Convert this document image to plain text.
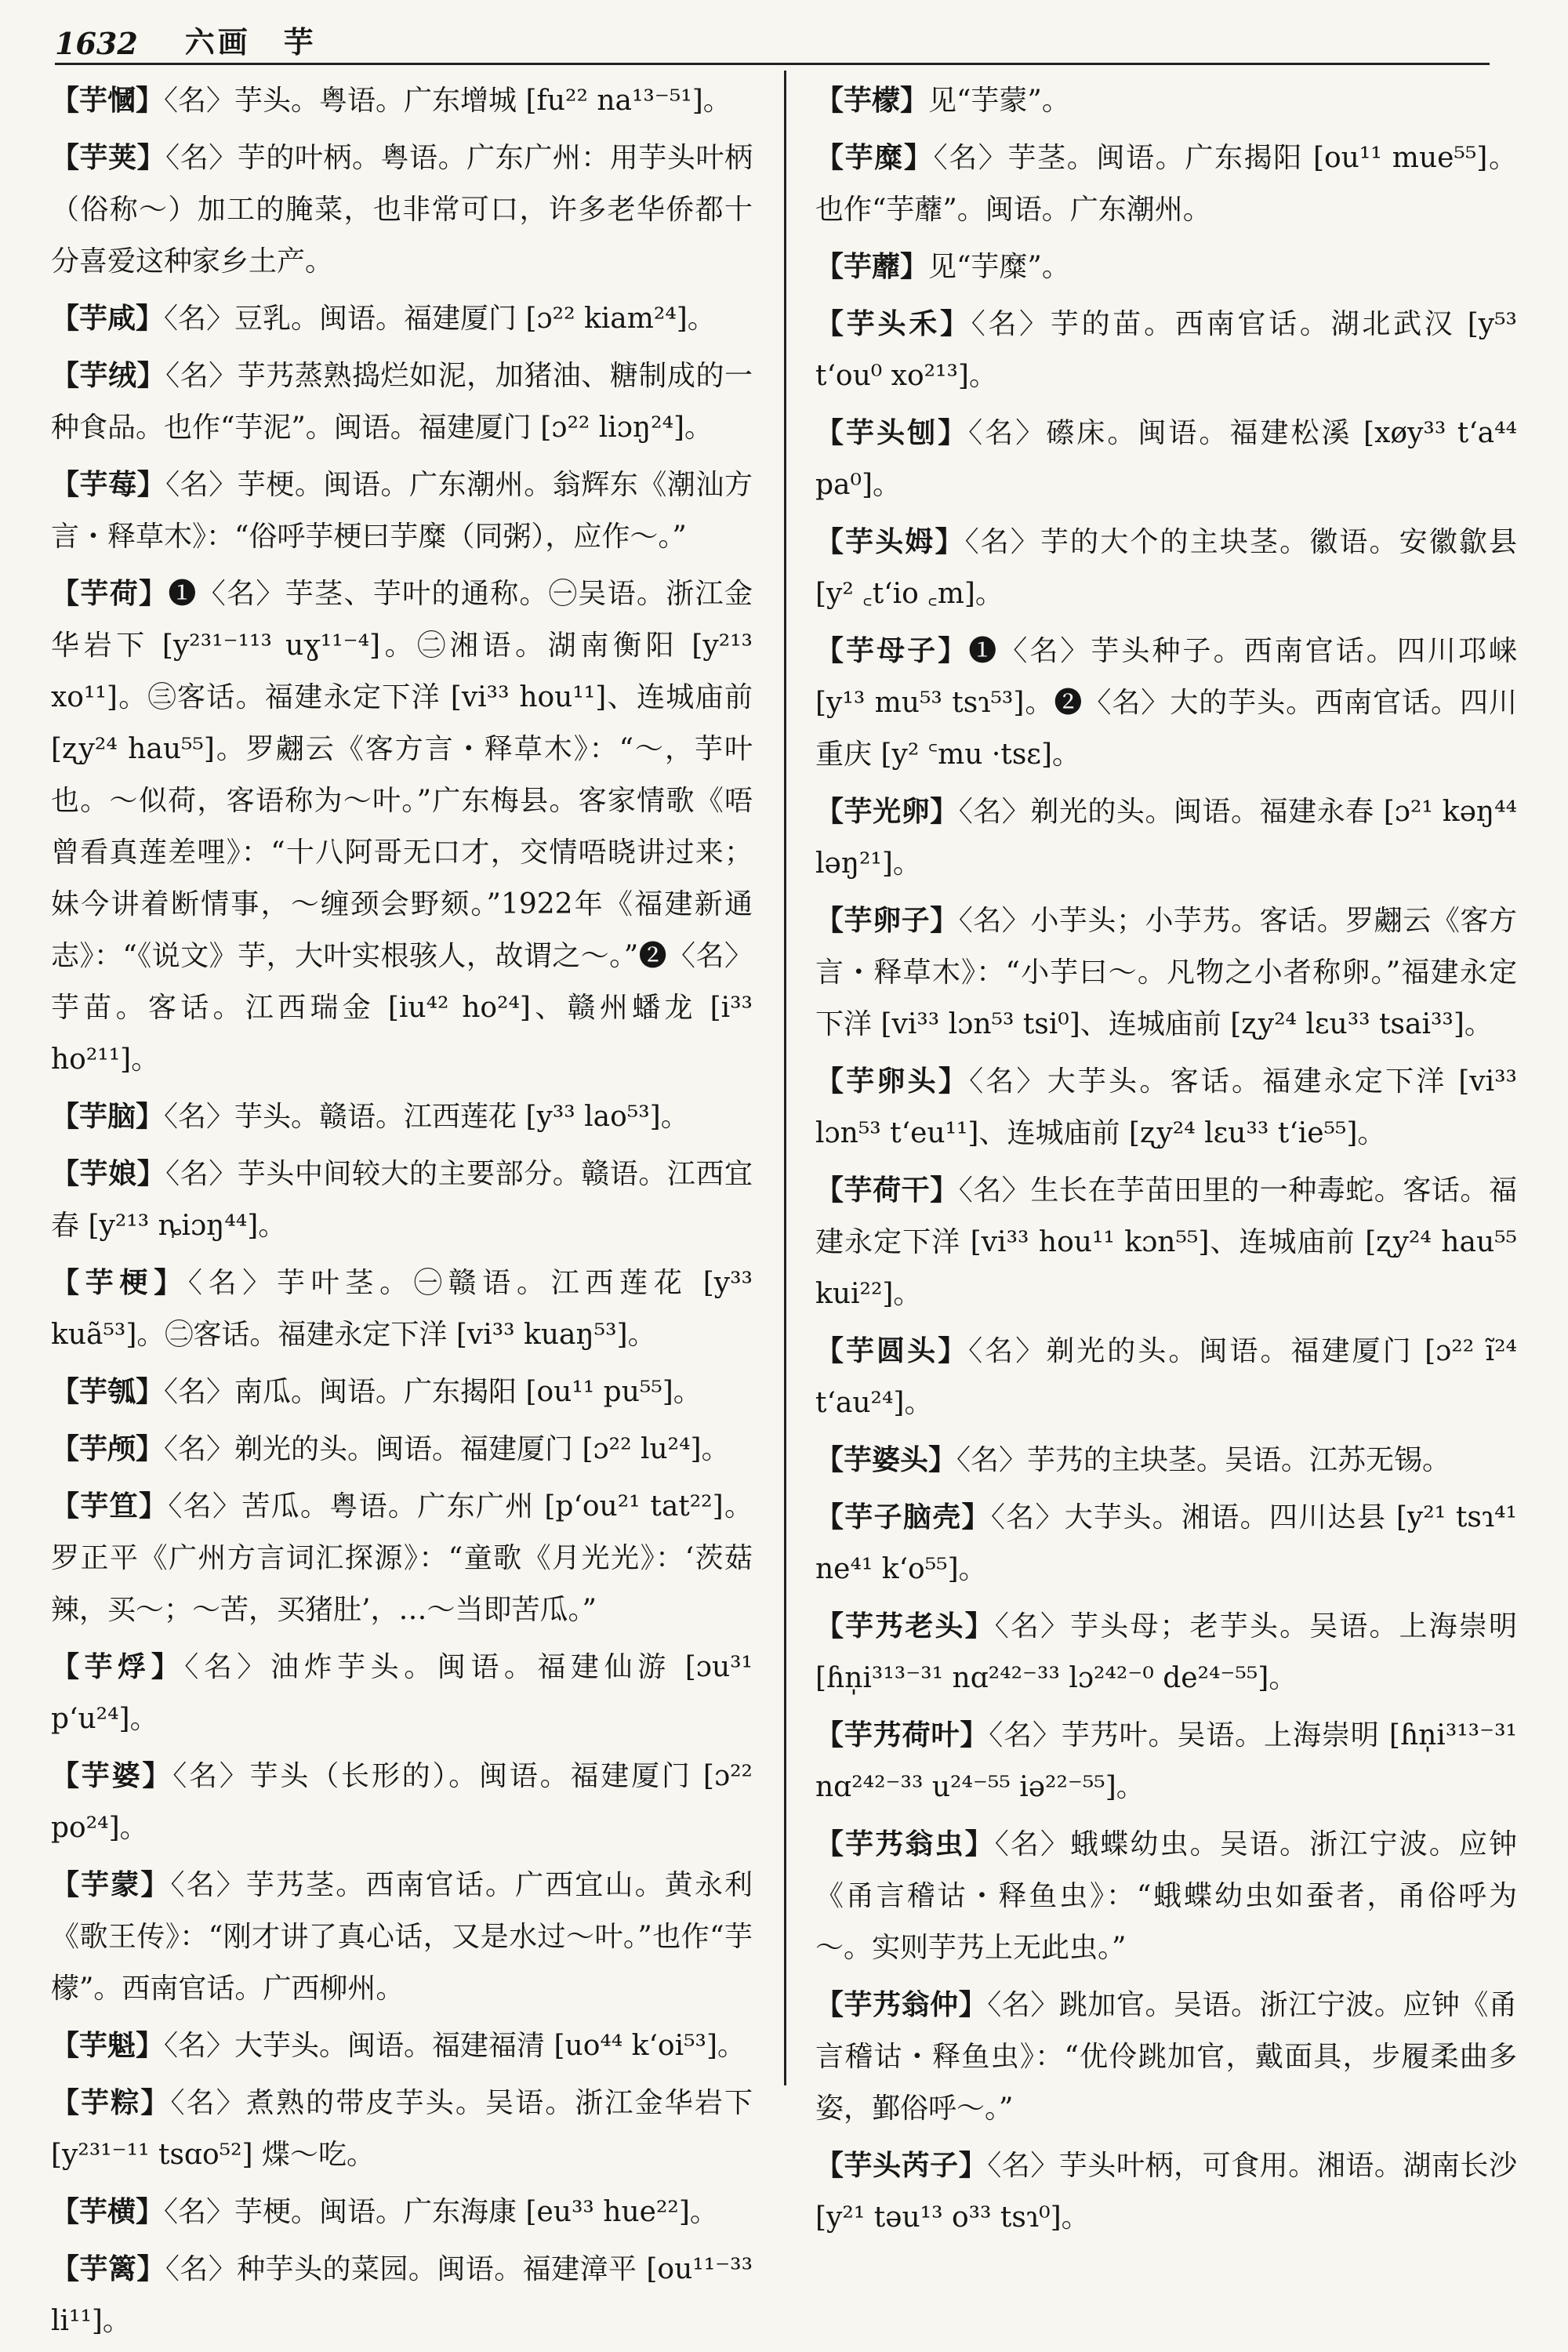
1632 六画　芋

【芋慖】〈名〉芋头。粤语。广东增城 [fu²² na¹³⁻⁵¹]。

【芋荚】〈名〉芋的叶柄。粤语。广东广州：用芋头叶柄（俗称～）加工的腌菜，也非常可口，许多老华侨都十分喜爱这种家乡土产。

【芋咸】〈名〉豆乳。闽语。福建厦门 [ɔ²² kiam²⁴]。

【芋绒】〈名〉芋艿蒸熟捣烂如泥，加猪油、糖制成的一种食品。也作“芋泥”。闽语。福建厦门 [ɔ²² liɔŋ²⁴]。

【芋莓】〈名〉芋梗。闽语。广东潮州。翁辉东《潮汕方言・释草木》：“俗呼芋梗曰芋糜（同粥），应作～。”

【芋荷】❶〈名〉芋茎、芋叶的通称。㊀吴语。浙江金华岩下 [y²³¹⁻¹¹³ uɣ¹¹⁻⁴]。㊁湘语。湖南衡阳 [y²¹³ xo¹¹]。㊂客话。福建永定下洋 [vi³³ hou¹¹]、连城庙前 [ʐy²⁴ hau⁵⁵]。罗翽云《客方言・释草木》：“～，芋叶也。～似荷，客语称为～叶。”广东梅县。客家情歌《唔曾看真莲差哩》：“十八阿哥无口才，交情唔晓讲过来；妹今讲着断情事，～缠颈会野颏。”1922年《福建新通志》：“《说文》芋，大叶实根骇人，故谓之～。”❷〈名〉芋苗。客话。江西瑞金 [iu⁴² ho²⁴]、赣州蟠龙 [i³³ ho²¹¹]。

【芋脑】〈名〉芋头。赣语。江西莲花 [y³³ lao⁵³]。

【芋娘】〈名〉芋头中间较大的主要部分。赣语。江西宜春 [y²¹³ ȵiɔŋ⁴⁴]。

【芋梗】〈名〉芋叶茎。㊀赣语。江西莲花 [y³³ kuã⁵³]。㊁客话。福建永定下洋 [vi³³ kuaŋ⁵³]。

【芋瓠】〈名〉南瓜。闽语。广东揭阳 [ou¹¹ pu⁵⁵]。

【芋颅】〈名〉剃光的头。闽语。福建厦门 [ɔ²² lu²⁴]。

【芋笪】〈名〉苦瓜。粤语。广东广州 [p‘ou²¹ tat²²]。罗正平《广州方言词汇探源》：“童歌《月光光》：‘茨菇辣，买～；～苦，买猪肚’，…～当即苦瓜。”

【芋烰】〈名〉油炸芋头。闽语。福建仙游 [ɔu³¹ p‘u²⁴]。

【芋婆】〈名〉芋头（长形的）。闽语。福建厦门 [ɔ²² po²⁴]。

【芋蒙】〈名〉芋艿茎。西南官话。广西宜山。黄永利《歌王传》：“刚才讲了真心话，又是水过～叶。”也作“芋檬”。西南官话。广西柳州。

【芋魁】〈名〉大芋头。闽语。福建福清 [uo⁴⁴ k‘oi⁵³]。

【芋粽】〈名〉煮熟的带皮芋头。吴语。浙江金华岩下 [y²³¹⁻¹¹ tsɑo⁵²] 煠～吃。

【芋横】〈名〉芋梗。闽语。广东海康 [eu³³ hue²²]。

【芋篱】〈名〉种芋头的菜园。闽语。福建漳平 [ou¹¹⁻³³ li¹¹]。

【芋檬】见“芋蒙”。

【芋糜】〈名〉芋茎。闽语。广东揭阳 [ou¹¹ mue⁵⁵]。也作“芋蘼”。闽语。广东潮州。

【芋蘼】见“芋糜”。

【芋头禾】〈名〉芋的苗。西南官话。湖北武汉 [y⁵³ t‘ou⁰ xo²¹³]。

【芋头刨】〈名〉礤床。闽语。福建松溪 [xøy³³ t‘a⁴⁴ pa⁰]。

【芋头姆】〈名〉芋的大个的主块茎。徽语。安徽歙县 [y² ꜀t‘io ꜀m]。

【芋母子】❶〈名〉芋头种子。西南官话。四川邛崃 [y¹³ mu⁵³ tsɿ⁵³]。❷〈名〉大的芋头。西南官话。四川重庆 [y² ꜂mu ·tsɛ]。

【芋光卵】〈名〉剃光的头。闽语。福建永春 [ɔ²¹ kəŋ⁴⁴ ləŋ²¹]。

【芋卵子】〈名〉小芋头；小芋艿。客话。罗翽云《客方言・释草木》：“小芋曰～。凡物之小者称卵。”福建永定下洋 [vi³³ lɔn⁵³ tsi⁰]、连城庙前 [ʐy²⁴ lɛu³³ tsai³³]。

【芋卵头】〈名〉大芋头。客话。福建永定下洋 [vi³³ lɔn⁵³ t‘eu¹¹]、连城庙前 [ʐy²⁴ lɛu³³ t‘ie⁵⁵]。

【芋荷干】〈名〉生长在芋苗田里的一种毒蛇。客话。福建永定下洋 [vi³³ hou¹¹ kɔn⁵⁵]、连城庙前 [ʐy²⁴ hau⁵⁵ kui²²]。

【芋圆头】〈名〉剃光的头。闽语。福建厦门 [ɔ²² ĩ²⁴ t‘au²⁴]。

【芋婆头】〈名〉芋艿的主块茎。吴语。江苏无锡。

【芋子脑壳】〈名〉大芋头。湘语。四川达县 [y²¹ tsɿ⁴¹ ne⁴¹ k‘o⁵⁵]。

【芋艿老头】〈名〉芋头母；老芋头。吴语。上海崇明 [ɦn̩i³¹³⁻³¹ nɑ²⁴²⁻³³ lɔ²⁴²⁻⁰ de²⁴⁻⁵⁵]。

【芋艿荷叶】〈名〉芋艿叶。吴语。上海崇明 [ɦn̩i³¹³⁻³¹ nɑ²⁴²⁻³³ u²⁴⁻⁵⁵ iə²²⁻⁵⁵]。

【芋艿翁虫】〈名〉蛾蝶幼虫。吴语。浙江宁波。应钟《甬言稽诂・释鱼虫》：“蛾蝶幼虫如蚕者，甬俗呼为～。实则芋艿上无此虫。”

【芋艿翁仲】〈名〉跳加官。吴语。浙江宁波。应钟《甬言稽诂・释鱼虫》：“优伶跳加官，戴面具，步履柔曲多姿，鄞俗呼～。”

【芋头芮子】〈名〉芋头叶柄，可食用。湘语。湖南长沙 [y²¹ təu¹³ o³³ tsɿ⁰]。
